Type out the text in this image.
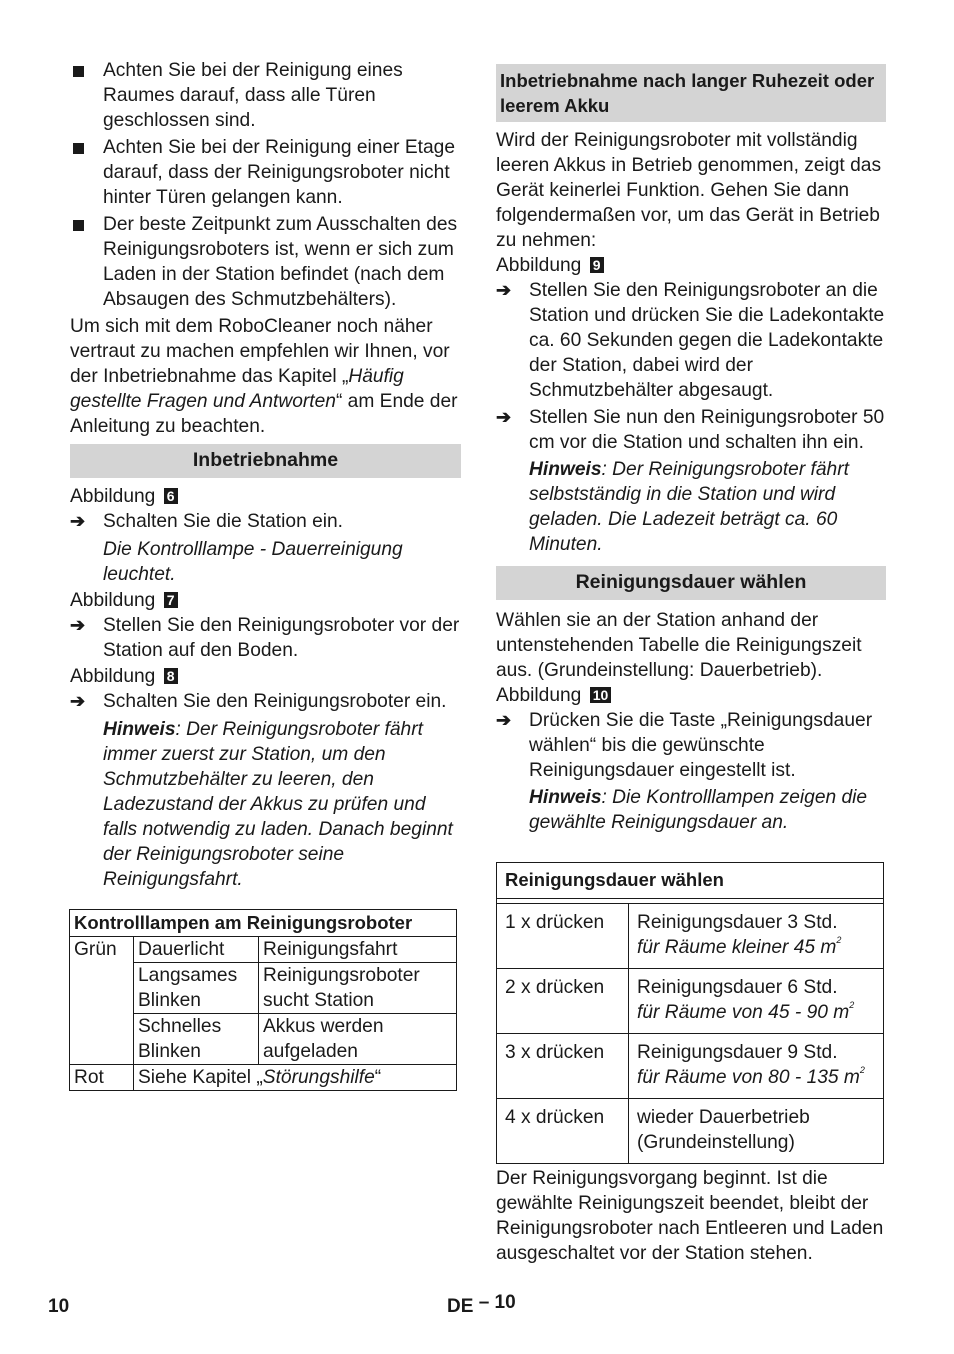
Achten Sie bei der Reinigung eines Raumes darauf, dass alle Türen geschlossen sind.

Achten Sie bei der Reinigung einer Etage darauf, dass der Reinigungsroboter nicht hinter Türen gelangen kann.

Der beste Zeitpunkt zum Ausschalten des Reinigungsroboters ist, wenn er sich zum Laden in der Station befindet (nach dem Absaugen des Schmutzbehälters).

Um sich mit dem RoboCleaner noch näher vertraut zu machen empfehlen wir Ihnen, vor der Inbetriebnahme das Kapitel „Häufig gestellte Fragen und Antworten“ am Ende der Anleitung zu beachten.

Inbetriebnahme

Abbildung 6

➔ Schalten Sie die Station ein.

Die Kontrolllampe - Dauerreinigung leuchtet.

Abbildung 7

➔ Stellen Sie den Reinigungsroboter vor der Station auf den Boden.

Abbildung 8

➔ Schalten Sie den Reinigungsroboter ein.

Hinweis: Der Reinigungsroboter fährt immer zuerst zur Station, um den Schmutzbehälter zu leeren, den Ladezustand der Akkus zu prüfen und falls notwendig zu laden. Danach beginnt der Reinigungsroboter seine Reinigungsfahrt.

Kontrolllampen am Reinigungsroboter		
Grün	Dauerlicht	Reinigungsfahrt
	Langsames Blinken	Reinigungsroboter sucht Station
	Schnelles Blinken	Akkus werden aufgeladen
Rot	Siehe Kapitel „Störungshilfe“	
Inbetriebnahme nach langer Ruhezeit oder leerem Akku

Wird der Reinigungsroboter mit vollständig leeren Akkus in Betrieb genommen, zeigt das Gerät keinerlei Funktion. Gehen Sie dann folgendermaßen vor, um das Gerät in Betrieb zu nehmen:

Abbildung 9

➔ Stellen Sie den Reinigungsroboter an die Station und drücken Sie die Ladekontakte ca. 60 Sekunden gegen die Ladekontakte der Station, dabei wird der Schmutzbehälter abgesaugt.

➔ Stellen Sie nun den Reinigungsroboter 50 cm vor die Station und schalten ihn ein.

Hinweis: Der Reinigungsroboter fährt selbstständig in die Station und wird geladen. Die Ladezeit beträgt ca. 60 Minuten.

Reinigungsdauer wählen

Wählen sie an der Station anhand der untenstehenden Tabelle die Reinigungszeit aus. (Grundeinstellung: Dauerbetrieb).

Abbildung 10

➔ Drücken Sie die Taste „Reinigungsdauer wählen“ bis die gewünschte Reinigungsdauer eingestellt ist.

Hinweis: Die Kontrolllampen zeigen die gewählte Reinigungsdauer an.

Reinigungsdauer wählen	

1 x drücken	Reinigungsdauer 3 Std.
für Räume kleiner 45 $m^2$

2 x drücken	Reinigungsdauer 6 Std.
für Räume von 45 - 90 $m^2$

3 x drücken	Reinigungsdauer 9 Std.
für Räume von 80 - 135 $m^2$

4 x drücken	wieder Dauerbetrieb (Grundeinstellung)

Der Reinigungsvorgang beginnt. Ist die gewählte Reinigungszeit beendet, bleibt der Reinigungsroboter nach Entleeren und Laden ausgeschaltet vor der Station stehen.

10	DE – 10
